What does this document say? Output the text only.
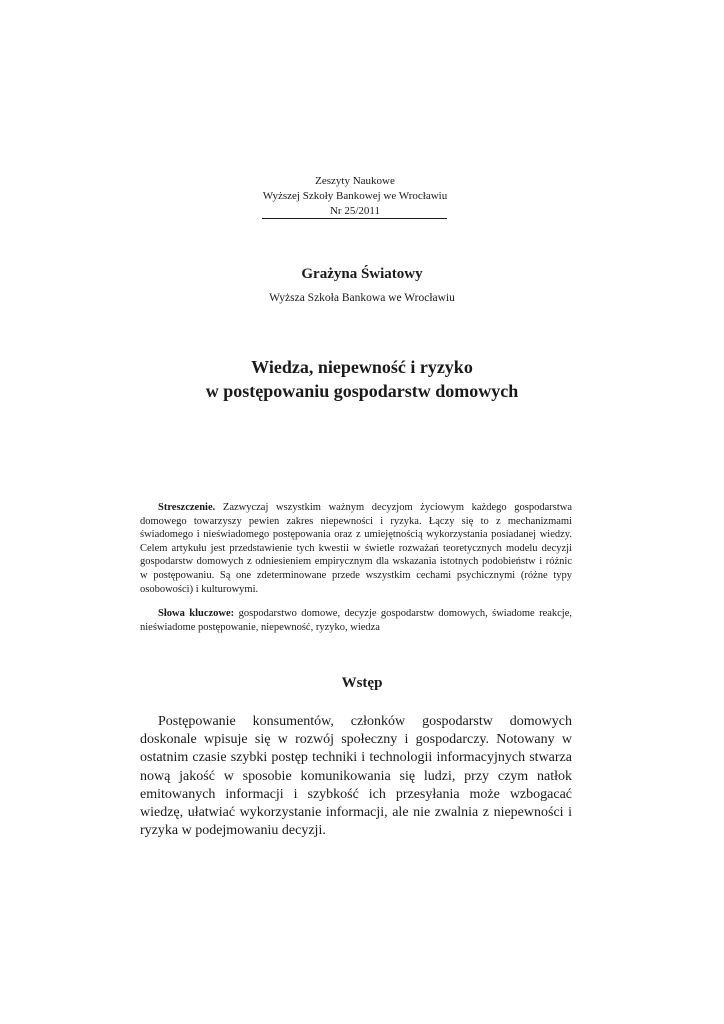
Zeszyty Naukowe
Wyższej Szkoły Bankowej we Wrocławiu
Nr 25/2011
Grażyna Światowy
Wyższa Szkoła Bankowa we Wrocławiu
Wiedza, niepewność i ryzyko
w postępowaniu gospodarstw domowych

Streszczenie. Zazwyczaj wszystkim ważnym decyzjom życiowym każdego gospodarstwa domowego towarzyszy pewien zakres niepewności i ryzyka. Łączy się to z mechanizmami świadomego i nieświadomego postępowania oraz z umiejętnością wykorzystania posiadanej wiedzy. Celem artykułu jest przedstawienie tych kwestii w świetle rozważań teoretycznych modelu decyzji gospodarstw domowych z odniesieniem empirycznym dla wskazania istotnych podobieństw i różnic w postępowaniu. Są one zdeterminowane przede wszystkim cechami psychicznymi (różne typy osobowości) i kulturowymi.

Słowa kluczowe: gospodarstwo domowe, decyzje gospodarstw domowych, świadome reakcje, nieświadome postępowanie, niepewność, ryzyko, wiedza

Wstęp

Postępowanie konsumentów, członków gospodarstw domowych doskonale wpisuje się w rozwój społeczny i gospodarczy. Notowany w ostatnim czasie szybki postęp techniki i technologii informacyjnych stwarza nową jakość w sposobie komunikowania się ludzi, przy czym natłok emitowanych informacji i szybkość ich przesyłania może wzbogacać wiedzę, ułatwiać wykorzystanie informacji, ale nie zwalnia z niepewności i ryzyka w podejmowaniu decyzji.
